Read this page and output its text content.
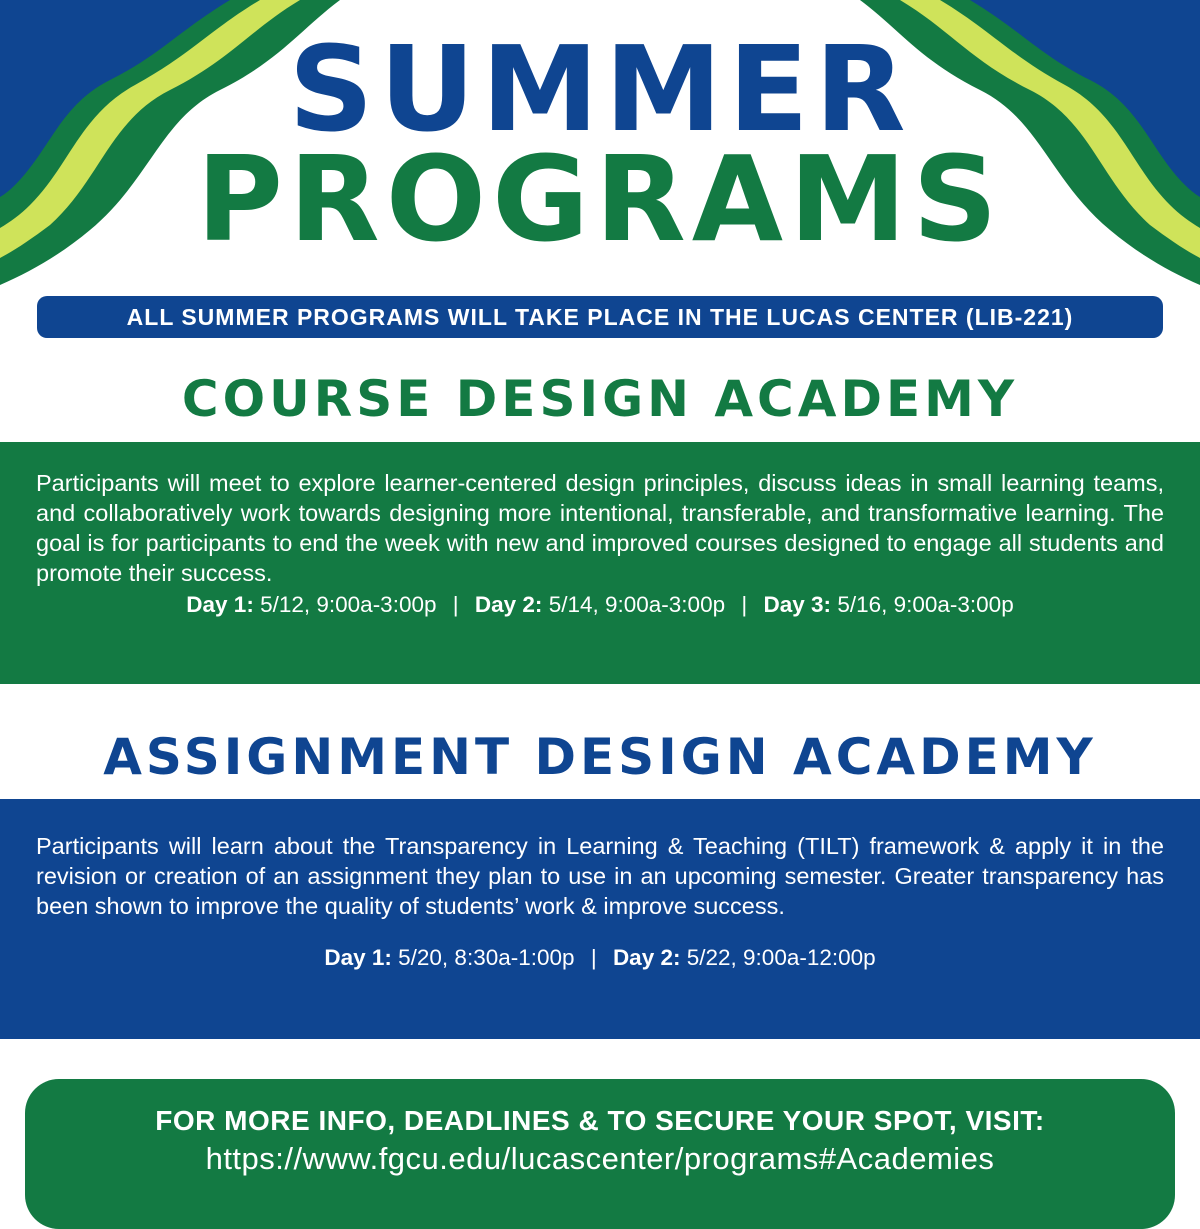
SUMMER
PROGRAMS
ALL SUMMER PROGRAMS WILL TAKE PLACE IN THE LUCAS CENTER (LIB-221)
COURSE DESIGN ACADEMY

Participants will meet to explore learner-centered design principles, discuss ideas in small learning teams, and collaboratively work towards designing more intentional, transferable, and transformative learning. The goal is for participants to end the week with new and improved courses designed to engage all students and promote their success.

Day 1: 5/12, 9:00a-3:00p | Day 2: 5/14, 9:00a-3:00p | Day 3: 5/16, 9:00a-3:00p

ASSIGNMENT DESIGN ACADEMY

Participants will learn about the Transparency in Learning & Teaching (TILT) framework & apply it in the revision or creation of an assignment they plan to use in an upcoming semester. Greater transparency has been shown to improve the quality of students’ work & improve success.

Day 1: 5/20, 8:30a-1:00p | Day 2: 5/22, 9:00a-12:00p

FOR MORE INFO, DEADLINES & TO SECURE YOUR SPOT, VISIT:
https://www.fgcu.edu/lucascenter/programs#Academies
